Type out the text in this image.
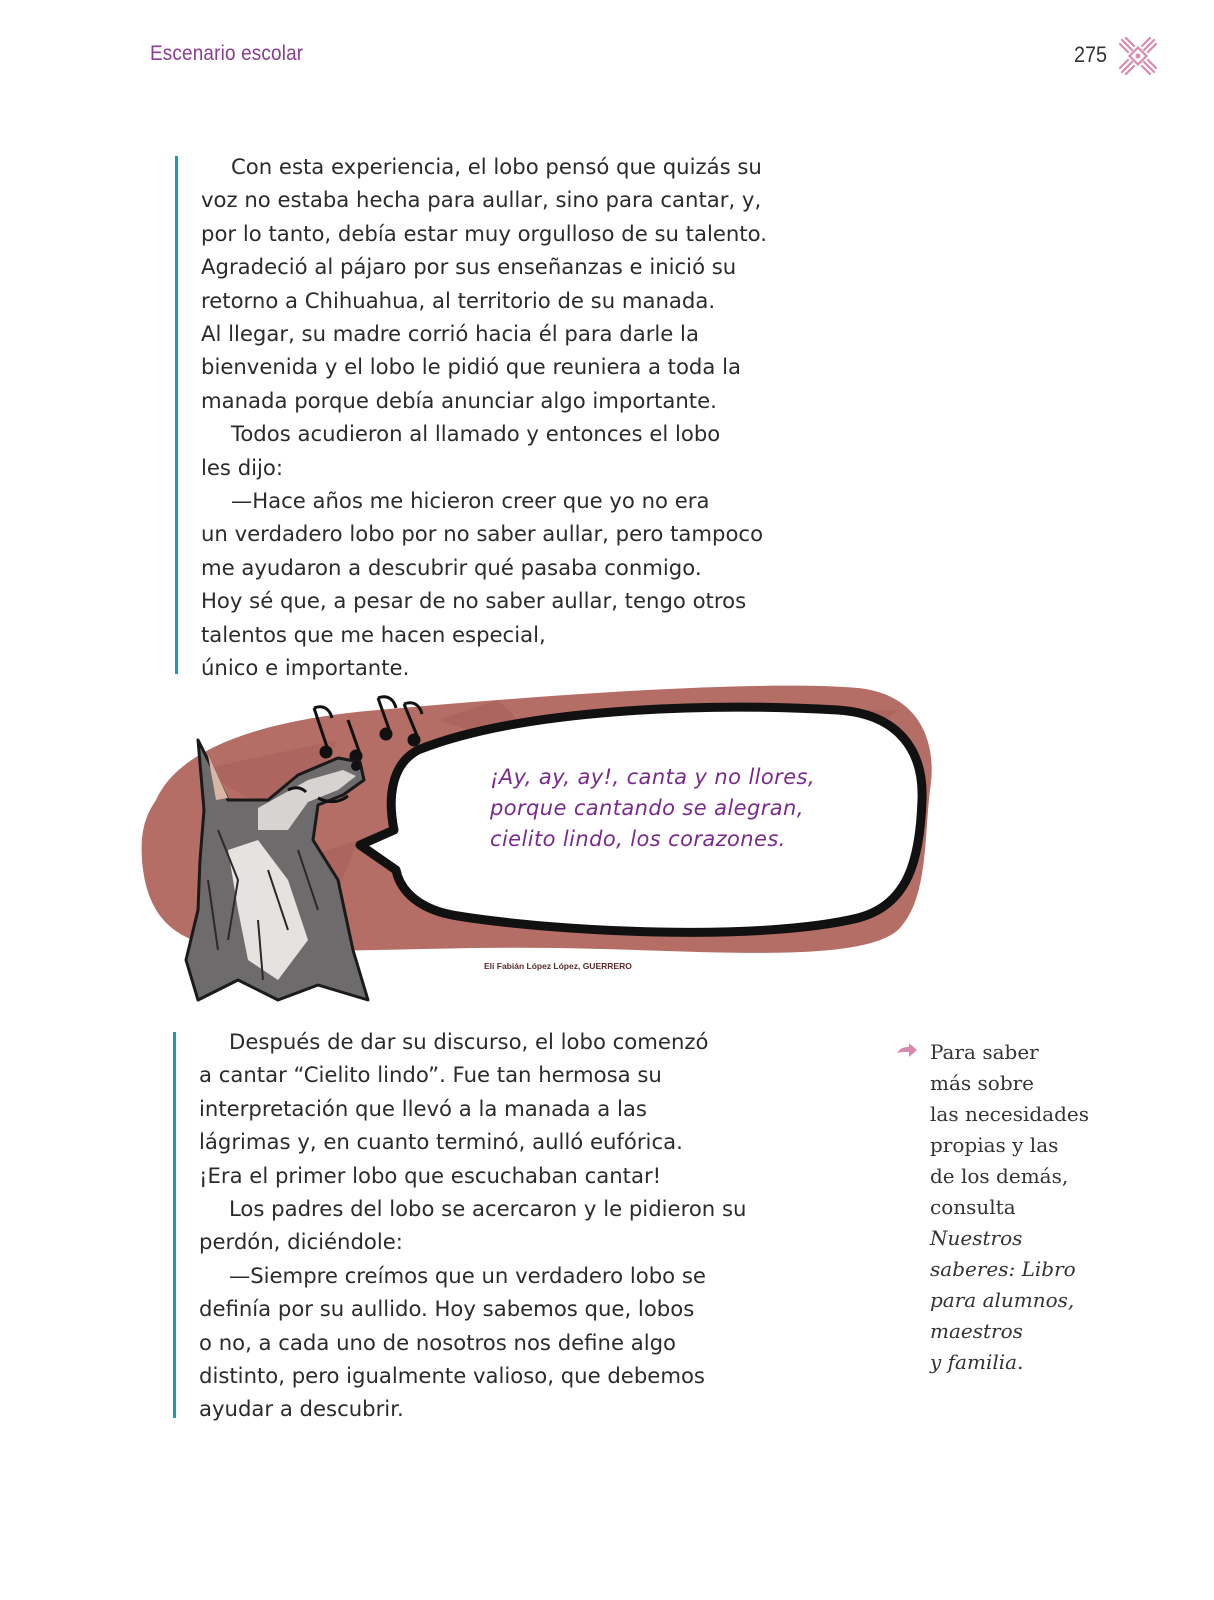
Escenario escolar	275

Con esta experiencia, el lobo pensó que quizás su

voz no estaba hecha para aullar, sino para cantar, y,

por lo tanto, debía estar muy orgulloso de su talento.

Agradeció al pájaro por sus enseñanzas e inició su

retorno a Chihuahua, al territorio de su manada.

Al llegar, su madre corrió hacia él para darle la

bienvenida y el lobo le pidió que reuniera a toda la

manada porque debía anunciar algo importante.

Todos acudieron al llamado y entonces el lobo

les dijo:

—Hace años me hicieron creer que yo no era

un verdadero lobo por no saber aullar, pero tampoco

me ayudaron a descubrir qué pasaba conmigo.

Hoy sé que, a pesar de no saber aullar, tengo otros

talentos que me hacen especial,

único e importante.

¡Ay, ay, ay!, canta y no llores,

porque cantando se alegran,

cielito lindo, los corazones.

Elí Fabián López López, GUERRERO

Después de dar su discurso, el lobo comenzó

a cantar “Cielito lindo”. Fue tan hermosa su

interpretación que llevó a la manada a las

lágrimas y, en cuanto terminó, aulló eufórica.

¡Era el primer lobo que escuchaban cantar!

Los padres del lobo se acercaron y le pidieron su

perdón, diciéndole:

—Siempre creímos que un verdadero lobo se

definía por su aullido. Hoy sabemos que, lobos

o no, a cada uno de nosotros nos define algo

distinto, pero igualmente valioso, que debemos

ayudar a descubrir.

Para saber

más sobre

las necesidades

propias y las

de los demás,

consulta

Nuestros

saberes: Libro

para alumnos,

maestros

y familia.
